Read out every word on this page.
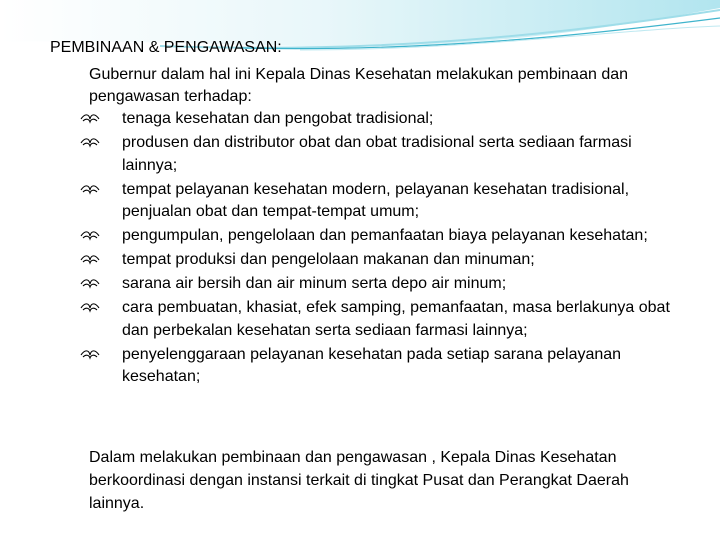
PEMBINAAN & PENGAWASAN:
Gubernur dalam hal ini Kepala Dinas Kesehatan melakukan pembinaan dan pengawasan terhadap:
tenaga kesehatan dan pengobat tradisional;
produsen dan distributor obat dan obat tradisional serta sediaan farmasi lainnya;
tempat pelayanan kesehatan modern, pelayanan kesehatan tradisional, penjualan obat dan tempat-tempat umum;
pengumpulan, pengelolaan dan pemanfaatan biaya pelayanan kesehatan;
tempat produksi dan pengelolaan makanan dan minuman;
sarana air bersih dan air minum serta depo air minum;
cara pembuatan, khasiat, efek samping, pemanfaatan, masa berlakunya obat dan perbekalan kesehatan serta sediaan farmasi lainnya;
penyelenggaraan pelayanan kesehatan pada setiap sarana pelayanan kesehatan;
Dalam melakukan pembinaan dan pengawasan , Kepala Dinas Kesehatan berkoordinasi dengan instansi terkait di tingkat Pusat dan Perangkat Daerah lainnya.
